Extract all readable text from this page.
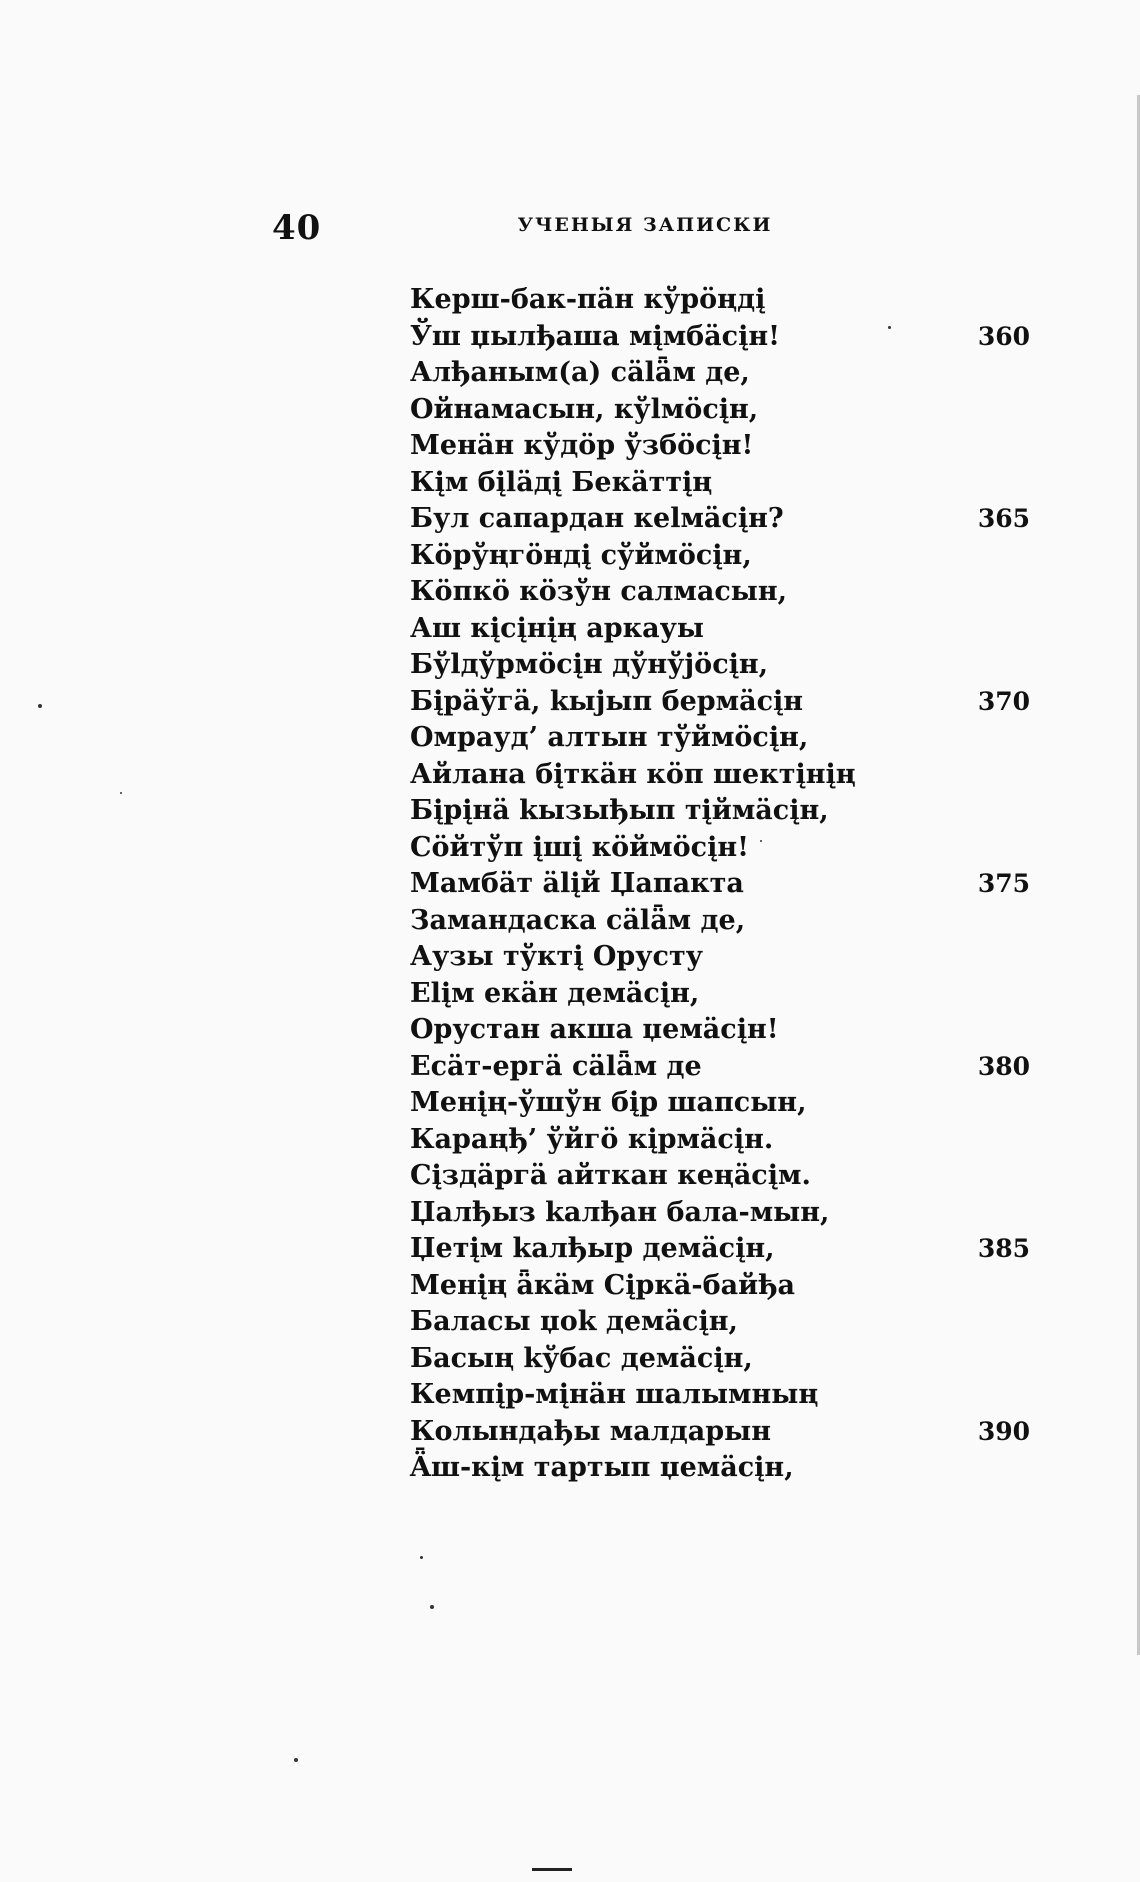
40	УЧЕНЫЯ ЗАПИСКИ
Керш-бак-пäн кўрöңдį
Ўш џылђаша мįмбäсįн!	360
Алђаным(а) сälǟм де,
Ойнамасын, кўlмöсįн,
Менäн кўдöр ўзбöсįн!
Кįм бįläдį Бекäттįң
Бул сапардан кеlмäсįн?	365
Кöрўңгöндį сўймöсįн,
Кöпкö кöзўн салмасын,
Аш кįсįнįң аркауы
Бўlдўрмöсįн дўнўјöсįн,
Бįрäўгä, kыјып бермäсįн	370
Омрауд’ алтын тўймöсįн,
Айлана бįткäн кöп шектįнįң
Бįрįнä kызыђып тįймäсįн,
Сöйтўп įшį кöймöсįн!
Мамбäт älįй Џапакта	375
Замандаска сälǟм де,
Аузы тўктį Орусту
Еlįм екäн демäсįн,
Орустан акша џемäсįн!
Есäт-ергä сälǟм де	380
Менįң-ўшўн бįр шапсын,
Караңђ’ ўйгö кįрмäсįн.
Сįздäргä айткан кеңäсįм.
Џалђыз kалђан бала-мын,
Џетįм kалђыр демäсįн,	385
Менįң ǟкäм Сįркä-байђа
Баласы џоk демäсįн,
Басың kўбас демäсįн,
Кемпįр-мįнäн шалымның
Колындађы малдарын	390
Ǟш-кįм тартып џемäсįн,
